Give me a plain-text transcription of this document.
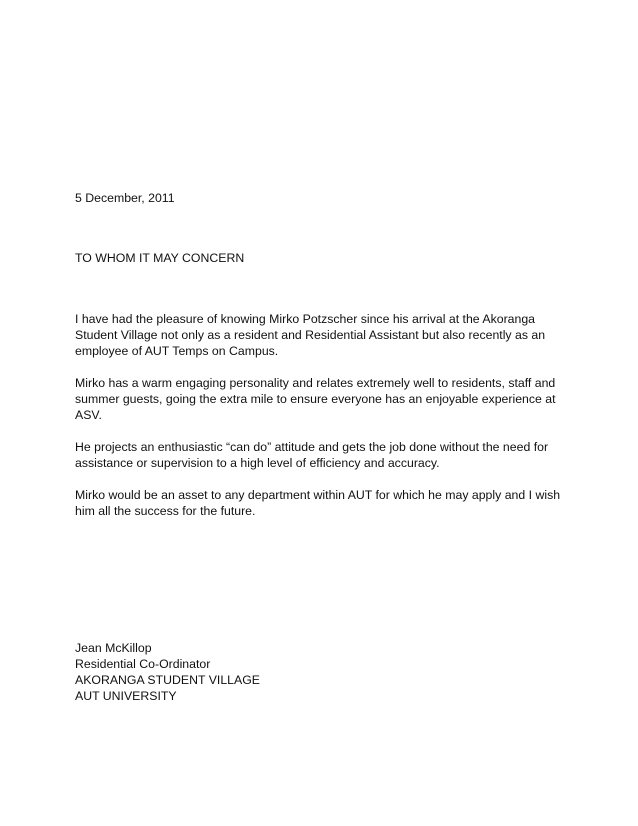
5 December, 2011

TO WHOM IT MAY CONCERN

I have had the pleasure of knowing Mirko Potzscher since his arrival at the Akoranga Student Village not only as a resident and Residential Assistant but also recently as an employee of AUT Temps on Campus.

Mirko has a warm engaging personality and relates extremely well to residents, staff and summer guests, going the extra mile to ensure everyone has an enjoyable experience at ASV.

He projects an enthusiastic “can do” attitude and gets the job done without the need for assistance or supervision to a high level of efficiency and accuracy.

Mirko would be an asset to any department within AUT for which he may apply and I wish him all the success for the future.

Jean McKillop
Residential Co-Ordinator
AKORANGA STUDENT VILLAGE
AUT UNIVERSITY
